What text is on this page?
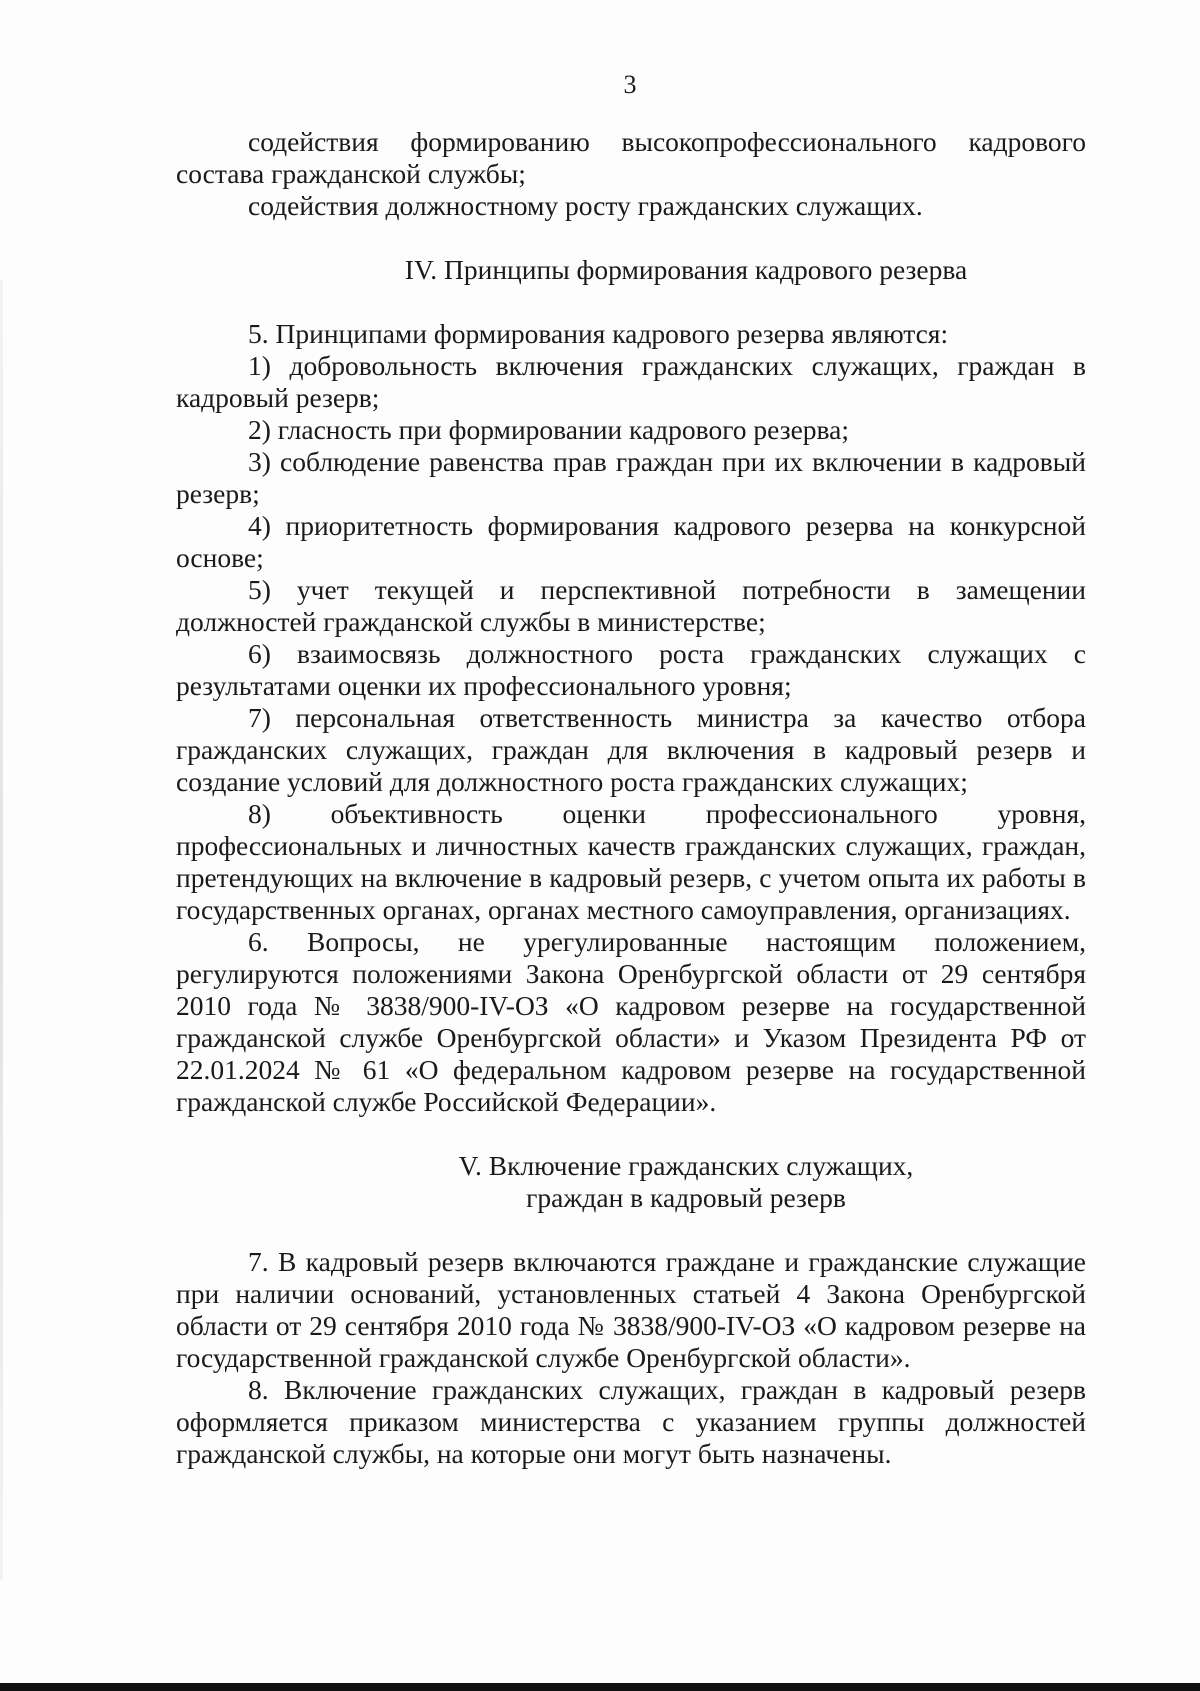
3

содействия формированию высокопрофессионального кадрового состава гражданской службы;

содействия должностному росту гражданских служащих.

IV. Принципы формирования кадрового резерва

5. Принципами формирования кадрового резерва являются:

1) добровольность включения гражданских служащих, граждан в кадровый резерв;

2) гласность при формировании кадрового резерва;

3) соблюдение равенства прав граждан при их включении в кадровый резерв;

4) приоритетность формирования кадрового резерва на конкурсной основе;

5) учет текущей и перспективной потребности в замещении должностей гражданской службы в министерстве;

6) взаимосвязь должностного роста гражданских служащих с результатами оценки их профессионального уровня;

7) персональная ответственность министра за качество отбора гражданских служащих, граждан для включения в кадровый резерв и создание условий для должностного роста гражданских служащих;

8) объективность оценки профессионального уровня, профессиональных и личностных качеств гражданских служащих, граждан, претендующих на включение в кадровый резерв, с учетом опыта их работы в государственных органах, органах местного самоуправления, организациях.

6. Вопросы, не урегулированные настоящим положением, регулируются положениями Закона Оренбургской области от 29 сентября 2010 года № 3838/900-IV-ОЗ «О кадровом резерве на государственной гражданской службе Оренбургской области» и Указом Президента РФ от 22.01.2024 № 61 «О федеральном кадровом резерве на государственной гражданской службе Российской Федерации».

V. Включение гражданских служащих,

граждан в кадровый резерв

7. В кадровый резерв включаются граждане и гражданские служащие при наличии оснований, установленных статьей 4 Закона Оренбургской области от 29 сентября 2010 года № 3838/900-IV-ОЗ «О кадровом резерве на государственной гражданской службе Оренбургской области».

8. Включение гражданских служащих, граждан в кадровый резерв оформляется приказом министерства с указанием группы должностей гражданской службы, на которые они могут быть назначены.
